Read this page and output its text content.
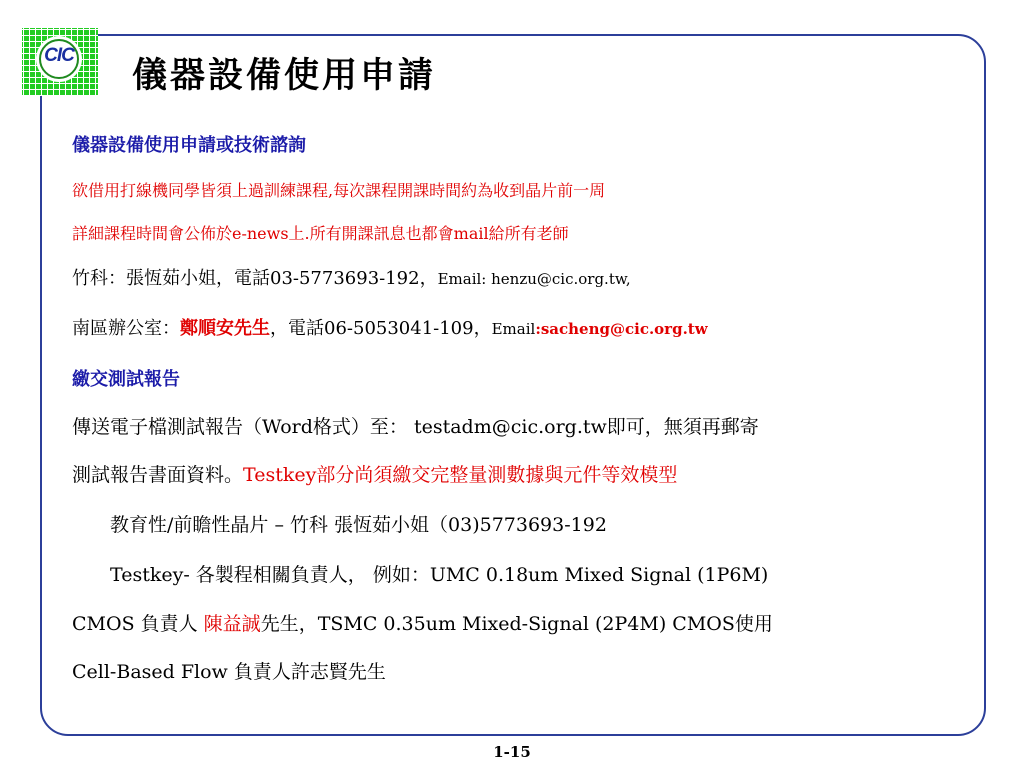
CIC 儀器設備使用申請
儀器設備使用申請或技術諮詢
欲借用打線機同學皆須上過訓練課程,每次課程開課時間約為收到晶片前一周
詳細課程時間會公佈於e-news上.所有開課訊息也都會mail給所有老師
竹科：張恆茹小姐，電話03-5773693-192，Email: henzu@cic.org.tw,
南區辦公室：鄭順安先生，電話06-5053041-109，Email:sacheng@cic.org.tw
繳交測試報告
傳送電子檔測試報告（Word格式）至： testadm@cic.org.tw即可，無須再郵寄
測試報告書面資料。Testkey部分尚須繳交完整量測數據與元件等效模型
教育性/前瞻性晶片 – 竹科 張恆茹小姐（03)5773693-192
Testkey- 各製程相關負責人， 例如：UMC 0.18um Mixed Signal (1P6M)
CMOS 負責人 陳益誠先生，TSMC 0.35um Mixed-Signal (2P4M) CMOS使用
Cell-Based Flow 負責人許志賢先生
1-15
